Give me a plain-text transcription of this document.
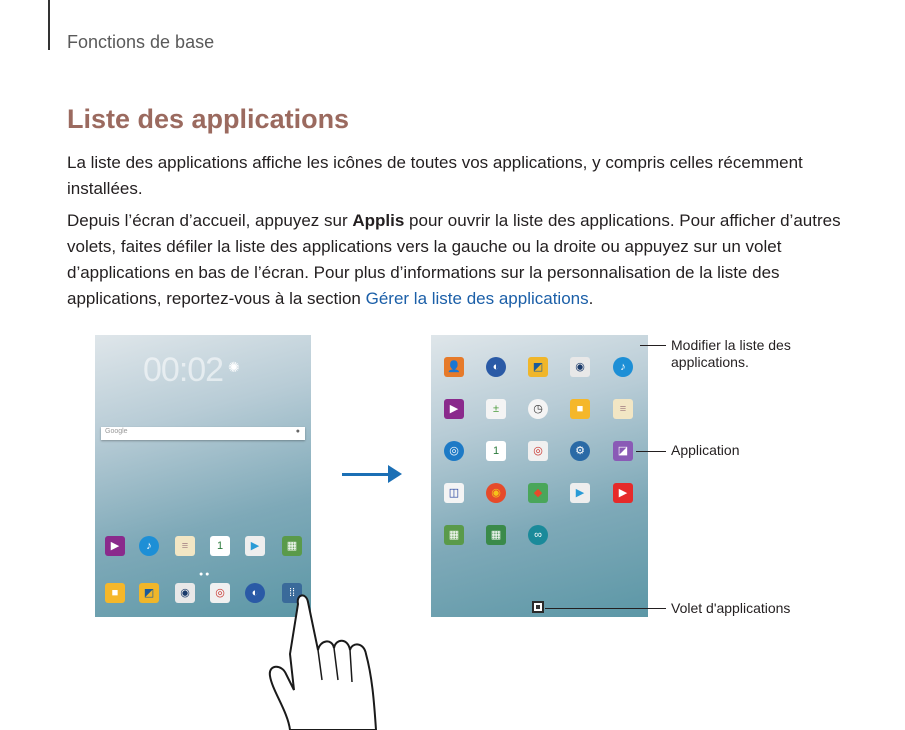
Fonctions de base
Liste des applications

La liste des applications affiche les icônes de toutes vos applications, y compris celles récemment installées.

Depuis l’écran d’accueil, appuyez sur Applis pour ouvrir la liste des applications. Pour afficher d’autres volets, faites défiler la liste des applications vers la gauche ou la droite ou appuyez sur un volet d’applications en bas de l’écran. Pour plus d’informations sur la personnalisation de la liste des applications, reportez-vous à la section Gérer la liste des applications.

00:02 ✺
Google	●
▶	♪	≡	1	▶	▦
● ●
■	◩	◉	◎	◐	⁞⁞
👤	◐	◩	◉	♪
▶	±	◷	■	≡
◎	1	◎	⚙	◪
◫	◉	◆	▶	▶
▦	▦	∞
Modifier la liste des applications.
Application
Volet d'applications
